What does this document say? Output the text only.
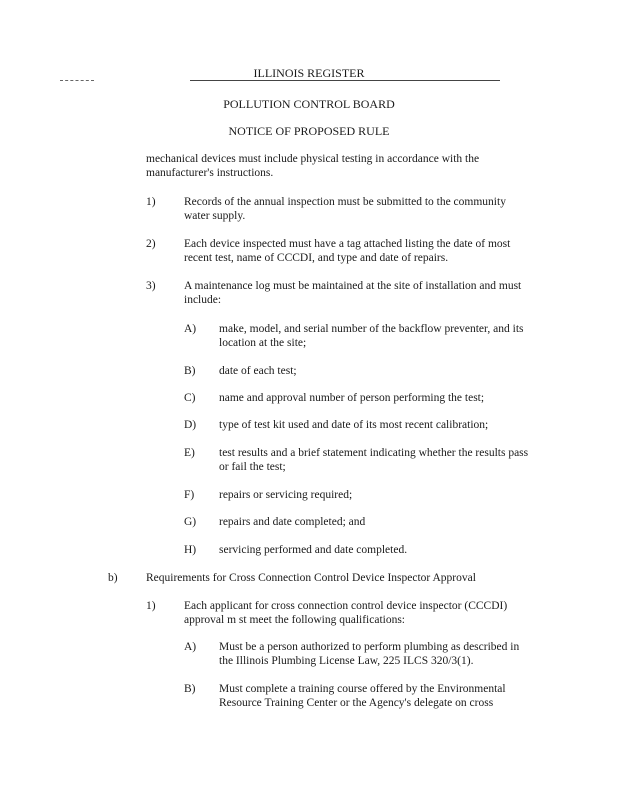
ILLINOIS REGISTER
POLLUTION CONTROL BOARD
NOTICE OF PROPOSED RULE
mechanical devices must include physical testing in accordance with the
manufacturer's instructions.
1) Records of the annual inspection must be submitted to the community
water supply.
2) Each device inspected must have a tag attached listing the date of most
recent test, name of CCCDI, and type and date of repairs.
3) A maintenance log must be maintained at the site of installation and must
include:
A) make, model, and serial number of the backflow preventer, and its
location at the site;
B) date of each test;
C) name and approval number of person performing the test;
D) type of test kit used and date of its most recent calibration;
E) test results and a brief statement indicating whether the results pass
or fail the test;
F) repairs or servicing required;
G) repairs and date completed; and
H) servicing performed and date completed.
b) Requirements for Cross Connection Control Device Inspector Approval
1) Each applicant for cross connection control device inspector (CCCDI)
approval m st meet the following qualifications:
A) Must be a person authorized to perform plumbing as described in
the Illinois Plumbing License Law, 225 ILCS 320/3(1).
B) Must complete a training course offered by the Environmental
Resource Training Center or the Agency's delegate on cross
